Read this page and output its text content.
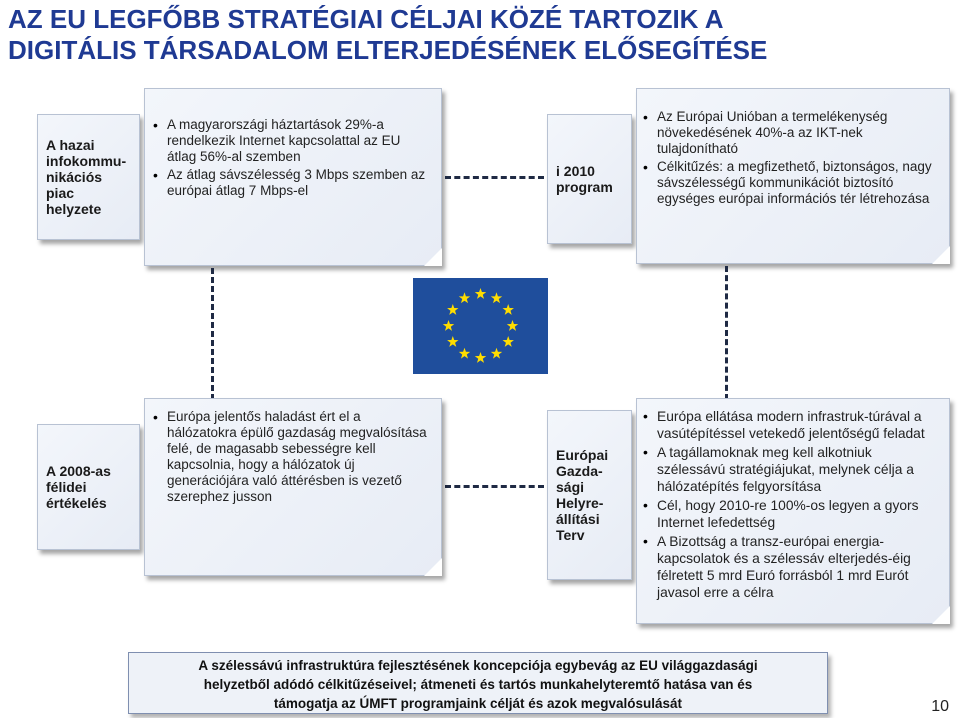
AZ EU LEGFŐBB STRATÉGIAI CÉLJAI KÖZÉ TARTOZIK A
DIGITÁLIS TÁRSADALOM ELTERJEDÉSÉNEK ELŐSEGÍTÉSE
A hazai
infokommu-
nikációs
piac
helyzete
• A magyarországi háztartások 29%-a rendelkezik Internet kapcsolattal az EU átlag 56%-al szemben
• Az átlag sávszélesség 3 Mbps szemben az európai átlag 7 Mbps-el
i 2010
program
• Az Európai Unióban a termelékenység növekedésének 40%-a az IKT-nek tulajdonítható
• Célkitűzés: a megfizethető, biztonságos, nagy sávszélességű kommunikációt biztosító egységes európai információs tér létrehozása
A 2008-as
félidei
értékelés
• Európa jelentős haladást ért el a hálózatokra épülő gazdaság megvalósítása felé, de magasabb sebességre kell kapcsolnia, hogy a hálózatok új generációjára való áttérésben is vezető szerephez jusson
Európai
Gazda-
sági
Helyre-
állítási
Terv
• Európa ellátása modern infrastruk-túrával a vasútépítéssel vetekedő jelentőségű feladat
• A tagállamoknak meg kell alkotniuk szélessávú stratégiájukat, melynek célja a hálózatépítés felgyorsítása
• Cél, hogy 2010-re 100%-os legyen a gyors Internet lefedettség
• A Bizottság a transz-európai energia-kapcsolatok és a szélessáv elterjedés-éig félretett 5 mrd Euró forrásból 1 mrd Eurót javasol erre a célra
A szélessávú infrastruktúra fejlesztésének koncepciója egybevág az EU világgazdasági
helyzetből adódó célkitűzéseivel; átmeneti és tartós munkahelyteremtő hatása van és
támogatja az ÚMFT programjaink célját és azok megvalósulását	10
